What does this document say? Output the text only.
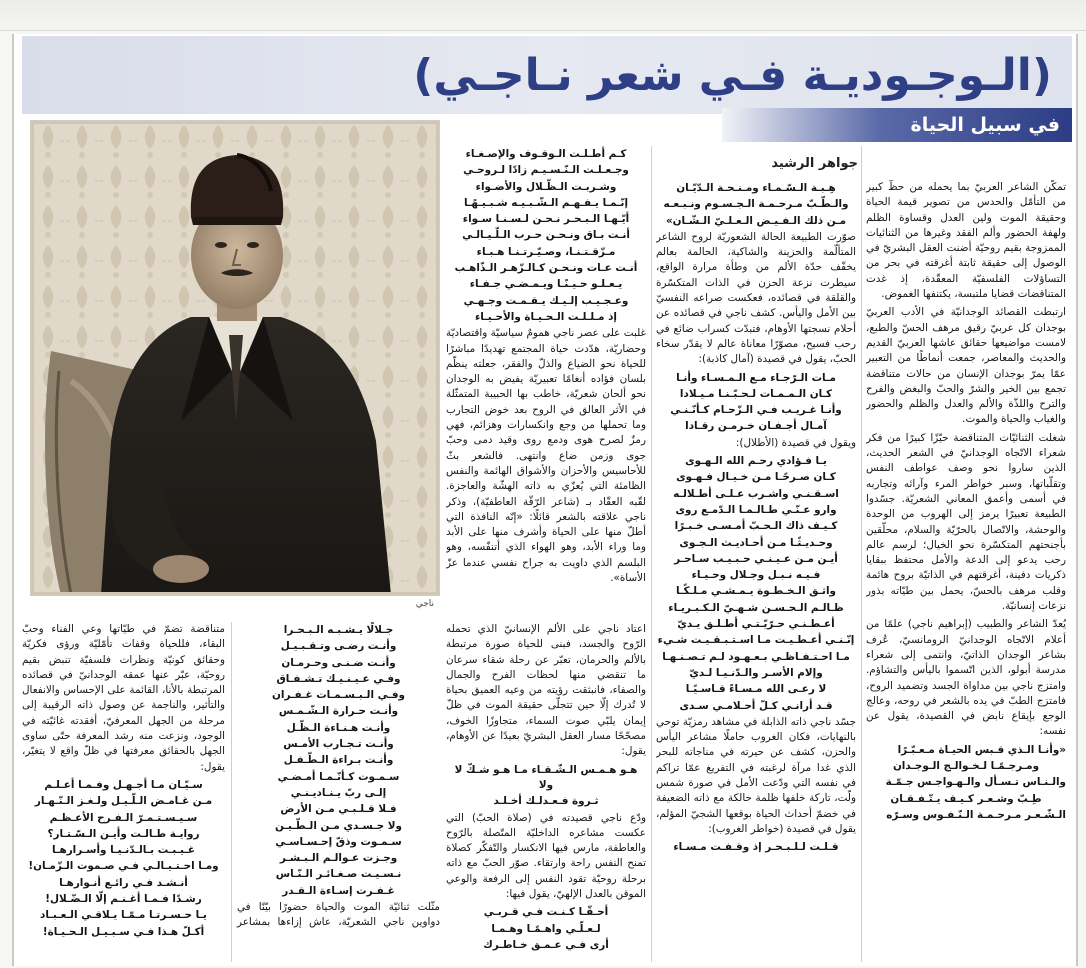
(الـوجـوديـة فـي شعر نـاجـي)
في سبيل الحياة
جواهر الرشيد

تمكّن الشاعر العربيّ بما يحمله من حظّ كبير من التأمّل والحدس من تصوير قيمة الحياة وحقيقة الموت ولين العدل وقساوة الظلم ولهفة الحضور وألم الفقد وغيرها من الثنائيات الممزوجة بقيم روحيّة أضنت العقل البشريّ في الوصول إلى حقيقة ثابتة أغرقته في بحر من التساؤلات الفلسفيّة المعقّدة، إذ غدت المتناقضات قضايا ملتبسة، يكتنفها الغموض.

ارتبطت القصائد الوجدانيّة في الأدب العربيّ بوجدان كل عربيّ رقيق مرهف الحسّ والطبع، لامست مواضيعها حقائق عاشها العربيّ القديم والحديث والمعاصر، جمعت أنماطًا من التعبير عمّا يمرّ بوجدان الإنسان من حالات متناقضة تجمع بين الخير والشرّ والحبّ والبغض والفرح والترح واللذّة والألم والعدل والظلم والحضور والغياب والحياة والموت.

شغلت الثنائيّات المتناقضة حيّزًا كبيرًا من فكر شعراء الاتّجاه الوجدانيّ في الشعر الحديث، الذين ساروا نحو وصف عواطف النفس وتقلّباتها، وسبر خواطر المرء وآرائه وتجاربه في أسمى وأعمق المعاني الشعريّة. جسّدوا الطبيعة تعبيرًا يرمز إلى الهروب من الوحدة والوحشة، والاتّصال بالحرّيّة والسلام، محلّقين بأجنحتهم المتكسّرة نحو الخيال؛ لرسم عالم رحب يدعو إلى الدعة والأمل محتفظ ببقايا ذكريات دفينة، أغرقتهم في الذاتيّة بروح هائمة وقلب مرهف بالحسّ، يحمل بين طيّاته بذور نزعات إنسانيّة.

يُعدّ الشاعر والطبيب (إبراهيم ناجي) علمًا من أعلام الاتّجاه الوجدانيّ الرومانسيّ، عُرف بشاعر الوجدان الذاتيّ، وانتمى إلى شعراء مدرسة أبولو، الذين اتّسموا باليأس والتشاؤم. وامتزج ناجي بين مداواة الجسد وتضميد الروح، فامتزج الطبّ في يده بالشعر في روحه، وعالج الوجع بإيقاع نابض في القصيدة، يقول عن نفسه:

«وأنـا الـذي قـبس الحيـاة مـعـبّـرًا

ومـرجـمًـا لـخـوالـج الـوجـدان

والـنـاس تـسـأل والـهـواجـس جـمّـة

طِـبّ وشـعـر كـيـف يـتّـفـقـان

الـشّـعـر مـرحـمـة الـنّـفـوس وسـرّه

هِـبـة الـسّـمـاء ومـنـحـة الـدّيّـان

والـطّـبّ مـرحـمـة الـجـسـوم ونـبـعـه

مـن ذلك الـفـيـض الـعـلـيّ الـشّـان»

صوّرت الطبيعة الحالة الشعوريّة لروح الشاعر المتألّمة والحزينة والشاكية، الحالمة بعالم يخفّف حدّة الألم من وطأة مرارة الواقع، سيطرت نزعة الحزن في الذات المتكسّرة والقلقة في قصائده، فعكست صراعه النفسيّ بين الأمل واليأس. كشف ناجي في قصائده عن أحلام نسجتها الأوهام، فتبدّت كسراب ضائع في رحب فسيح، مصوّرًا معاناة عالم لا يقدّر سخاء الحبّ، يقول في قصيدة (آمال كاذبة):

مـات الـرّجـاء مـع الـمـسـاء وأنـا

كـان الـمـمـات لـحـبّـنـا مـيـلادا

وأنـا غـريـب فـي الـزّحـام كـأنّـنـي

آمـال أجـفـان خـرمـن رقـادا

ويقول في قصيدة (الأطلال):

يـا فـؤادي رحـم الله الـهـوى

كـان صـرحًـا مـن خـيـال فـهـوى

اسـقـنـي واشـرب عـلـى أطـلالـه

وارو عـنّـي طـالـمـا الـدّمـع روى

كـيـف ذاك الـحـبّ أمـسـى خـبـرًا

وحـديـثًـا مـن أحـاديـث الـجـوى

أيـن مـن عـيـنـي حـبـيـب سـاحـر

فـيـه نـبـل وجـلال وحـيـاء

واثـق الـخـطـوة يـمـشـي مـلـكًـا

ظـالـم الـحـسـن شـهـيّ الـكـبـريـاء

أعـطـنـي حـرّيّـتـي أطـلـق يـديّ

إنّـنـي أعـطـيـت مـا اسـتـبـقـيـت شـيء

مـا احـتـفـاظـي بـعـهـود لـم تـصـنـهـا

وإلام الأسـر والـدّنـيـا لـديّ

لا رعـى الله مـسـاءً قـاسـيًـا

قـد أرانـي كـلّ أحـلامـي سـدى

جسّد ناجي ذاته الذابلة في مشاهد رمزيّة توحي بالنهايات، فكان الغروب حاملًا مشاعر اليأس والحزن، كشف عن حيرته في مناجاته للبحر الذي غدا مرآة لرغبته في التفريغ عمّا تراكم في نفسه التي ودّعت الأمل في صورة شمس ولّت، تاركة خلفها ظلمة حالكة مع ذاته الضعيفة في خضمّ أحداث الحياة بوقعها الشجيّ المؤلم، يقول في قصيدة (خواطر الغروب):

قـلـت لـلـبـحـر إذ وقـفـت مـسـاء

كـم أطـلـت الـوقـوف والإصـغـاء

وجـعـلـت الـنّـسـيـم زادًا لـروحـي

وشـربـت الـظّـلال والأضـواء

إنّـمـا يـفـهـم الـشّـبـيـه شـبـيـهًـا

أيّـهـا الـبـحـر نـحـن لـسـنـا سـواء

أنـت بـاق ونـحـن حـرب الـلّـيـالـي

مـزّقـتـنـا، وصـيّـرتـنـا هـبـاء

أنـت عـات ونـحـن كـالـزّهـر الـذّاهـب

يـعـلـو حـيـنًـا ويـمـضـي جـفـاء

وعـجـيـب إلـيـك يـقـمـت وجـهـي

إذ مـلـلـت الـحـيـاة والأحـيـاء

غلبت على عصر ناجي همومٌ سياسيّة واقتصاديّة وحضاريّة، هدّدت حياة المجتمع تهديدًا مباشرًا للحياة نحو الضياع والذلّ والفقر، جعلته ينظّم بلسان فؤاده أنغامًا تعبيريّة يفيض به الوجدان نحو ألحان شعريّة، خاطب بها الحبيبة المتمثّلة في الأثر العالق في الروح بعد خوض التجارب وما تحملها من وجع وانكسارات وهزائم، فهي رمزٌ لصرح هوى ودمع روى وقيد دمى وحبّ جوى وزمن ضاع وانتهى. فالشعر بثّ للأحاسيس والأحزان والأشواق الهائمة والنفس الظامئة التي يُعزّي به ذاته الهشّة والعاجزة. لقّبه العقّاد بـ (شاعر الرّقّة العاطفيّة)، وذكر ناجي علاقته بالشعر قائلًا: «إنّه النافذة التي أطلّ منها على الحياة وأشرف منها على الأبد وما وراء الأبد، وهو الهواء الذي أتنفّسه، وهو البلسم الذي داويت به جراح نفسي عندما عزّ الأساة».

اعتاد ناجي على الألم الإنسانيّ الذي تحمله الرّوح والجسد، فبنى للحياة صورة مرتبطة بالألم والحرمان، تعبّر عن رحلة شقاء سرعان ما تنقضي منها لحظات الفرح والجمال والصفاء، فانبثقت رؤيته من وعيه العميق بحياة لا تُدرك إلّا حين تتجلّى حقيقة الموت في ظلّ إيمان يلبّي صوت السماء، متجاوزًا الخوف، مصحّحًا مسار العقل البشريّ بعيدًا عن الأوهام، يقول:

هـو هـمـس الـشّـقـاء مـا هـو شـكّ لا ولا

ثـروة فـعـدلـك أخـلـد

ودّع ناجي قصيدته في (صلاة الحبّ) التي عكست مشاعره الداخليّة المتّصلة بالرّوح والعاطفة، مارس فيها الانكسار والتّفكّر كصلاة تمنح النفس راحة وارتقاء. صوّر الحبّ مع ذاته برحلة روحيّة تقود النفس إلى الرفعة والوعي الموقن بالعدل الإلهيّ، يقول فيها:

أحـقّـا كـنـت فـي قـربـي

لـعـلّـي واهـمًـا وهـمـا

أرى فـي عـمـق خـاطـرك

جـلالًا يـشـبـه الـبـحـرا

وأنـت رضـى وتـقـبـيـل

وأنـت ضـنـى وحـرمـان

وفـي عـيـنـيـك تـشـفـاق

وفـي الـبـسـمـات غـفـران

وأنـت حـرارة الـشّـمـس

وأنـت هـنـاءة الـظّـل

وأنـت تـجـارب الأمـس

وأنـت بـراءة الـطّـفـل

سـمـوت كـأنّـمـا أمـضـي

إلـى ربّ يـنـاديـنـي

فـلا قـلـبـي مـن الأرض

ولا جـسـدي مـن الـطّـيـن

سـمـوت وذقّ إحـسـاسـي

وجـزت عـوالـم الـبـشـر

نـسـيـت صـغـائـر الـنّـاس

غـفـرت إسـاءة الـقـدر

مثّلت ثنائيّة الموت والحياة حضورًا بيّنًا في دواوين ناجي الشعريّة، عاش إزاءها بمشاعر متناقضة تضمّ في طيّاتها وعي الفناء وحبّ البقاء، فللحياة وقفات تأمّليّة ورؤى فكريّة وحقائق كونيّة ونظرات فلسفيّة تنبض بقيم روحيّة، عبّر عنها عمقه الوجدانيّ في قصائده المرتبطة بالأنا، القائمة على الإحساس والانفعال والتأثير، والناجمة عن وصول ذاته الرقيبة إلى مرحلة من الجهل المعرفيّ، أفقدته غائيّته في الوجود، ونزعت منه رشد المعرفة حتّى ساوى الجهل بالحقائق معرفتها في ظلّ واقع لا يتغيّر، يقول:

سـيّـان مـا أجـهـل وفـمـا أعـلـم

مـن غـامـض الـلّـيـل ولـغـز الـنّـهـار

سـيـسـتـمـرّ الـفـرح الأعـظـم

روايـة طـالـت وأيـن الـسّـتـار؟

غـيـبـت بـالـدّنـيـا وأسـرارهـا

ومـا احـتـيـالـي فـي صـموت الـزّمـان!

أنـشـد فـي رائـع أنـوارهـا

رشـدًا فـمـا أغـنـم إلّا الـضّـلال!

يـا حـسـرتـا مـمّـا يـلاقـي الـعـبـاد

أكـلّ هـذا فـي سـبـيـل الـحـيـاة!

ناجي
